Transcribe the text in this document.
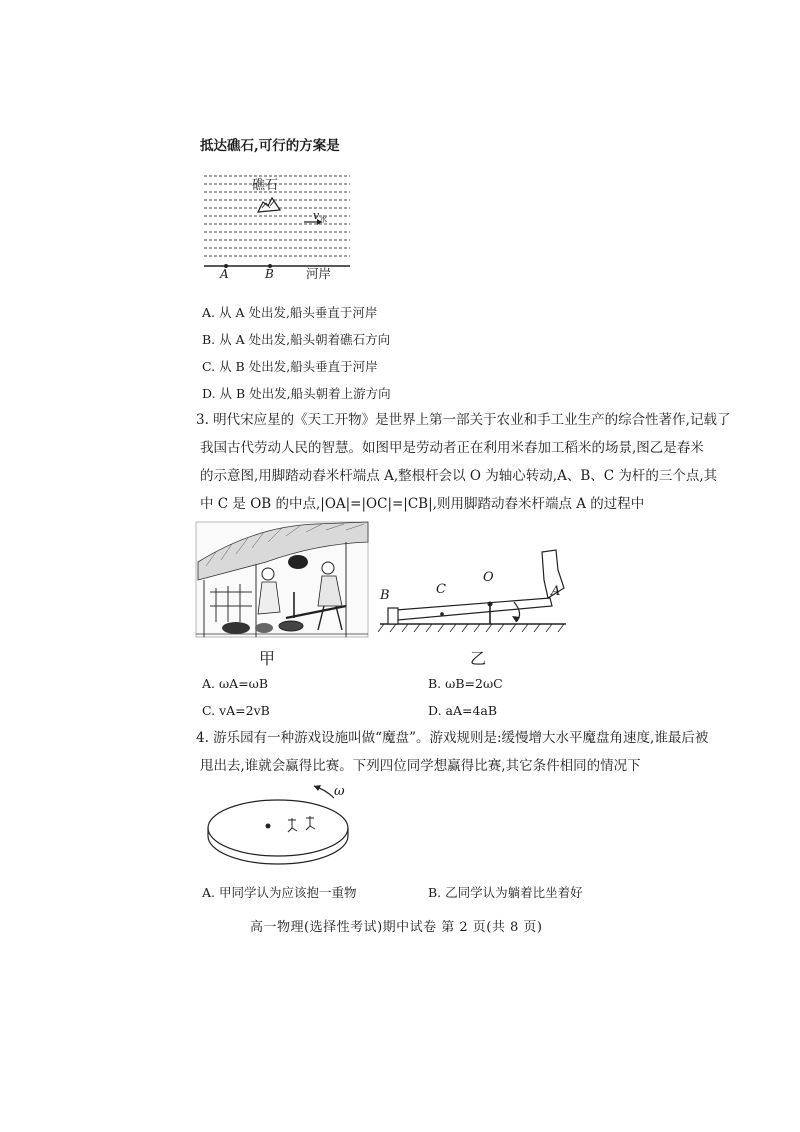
抵达礁石,可行的方案是
礁石
$v_水$
A	B	河岸
A. 从 A 处出发,船头垂直于河岸
B. 从 A 处出发,船头朝着礁石方向
C. 从 B 处出发,船头垂直于河岸
D. 从 B 处出发,船头朝着上游方向
3. 明代宋应星的《天工开物》是世界上第一部关于农业和手工业生产的综合性著作,记载了
我国古代劳动人民的智慧。如图甲是劳动者正在利用米舂加工稻米的场景,图乙是舂米
的示意图,用脚踏动舂米杆端点 A,整根杆会以 O 为轴心转动,A、B、C 为杆的三个点,其
中 C 是 OB 的中点,|OA|=|OC|=|CB|,则用脚踏动舂米杆端点 A 的过程中
B	C
O
A
甲	乙
A. ωA=ωB	B. ωB=2ωC
C. vA=2vB	D. aA=4aB
4. 游乐园有一种游戏设施叫做“魔盘”。游戏规则是:缓慢增大水平魔盘角速度,谁最后被
甩出去,谁就会赢得比赛。下列四位同学想赢得比赛,其它条件相同的情况下
ω
A. 甲同学认为应该抱一重物	B. 乙同学认为躺着比坐着好
高一物理(选择性考试)期中试卷 第 2 页(共 8 页)
